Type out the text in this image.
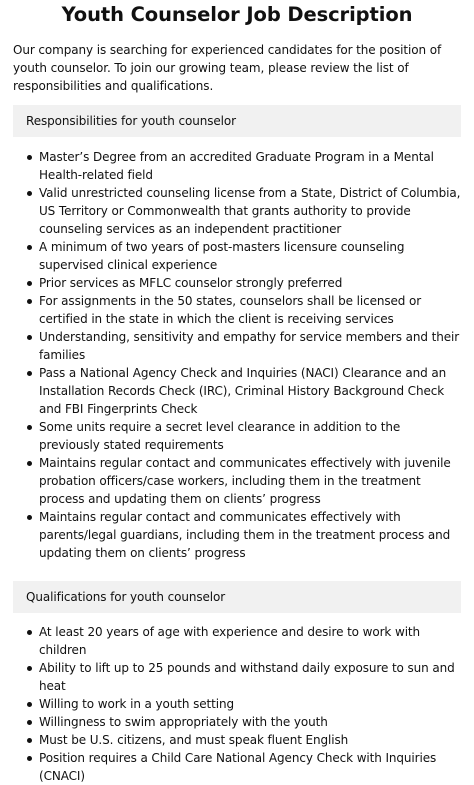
Youth Counselor Job Description

Our company is searching for experienced candidates for the position of youth counselor. To join our growing team, please review the list of responsibilities and qualifications.

Responsibilities for youth counselor
Master’s Degree from an accredited Graduate Program in a Mental Health-related field
Valid unrestricted counseling license from a State, District of Columbia, US Territory or Commonwealth that grants authority to provide counseling services as an independent practitioner
A minimum of two years of post-masters licensure counseling supervised clinical experience
Prior services as MFLC counselor strongly preferred
For assignments in the 50 states, counselors shall be licensed or certified in the state in which the client is receiving services
Understanding, sensitivity and empathy for service members and their families
Pass a National Agency Check and Inquiries (NACI) Clearance and an Installation Records Check (IRC), Criminal History Background Check and FBI Fingerprints Check
Some units require a secret level clearance in addition to the previously stated requirements
Maintains regular contact and communicates effectively with juvenile probation officers/case workers, including them in the treatment process and updating them on clients’ progress
Maintains regular contact and communicates effectively with parents/legal guardians, including them in the treatment process and updating them on clients’ progress
Qualifications for youth counselor
At least 20 years of age with experience and desire to work with children
Ability to lift up to 25 pounds and withstand daily exposure to sun and heat
Willing to work in a youth setting
Willingness to swim appropriately with the youth
Must be U.S. citizens, and must speak fluent English
Position requires a Child Care National Agency Check with Inquiries (CNACI)
